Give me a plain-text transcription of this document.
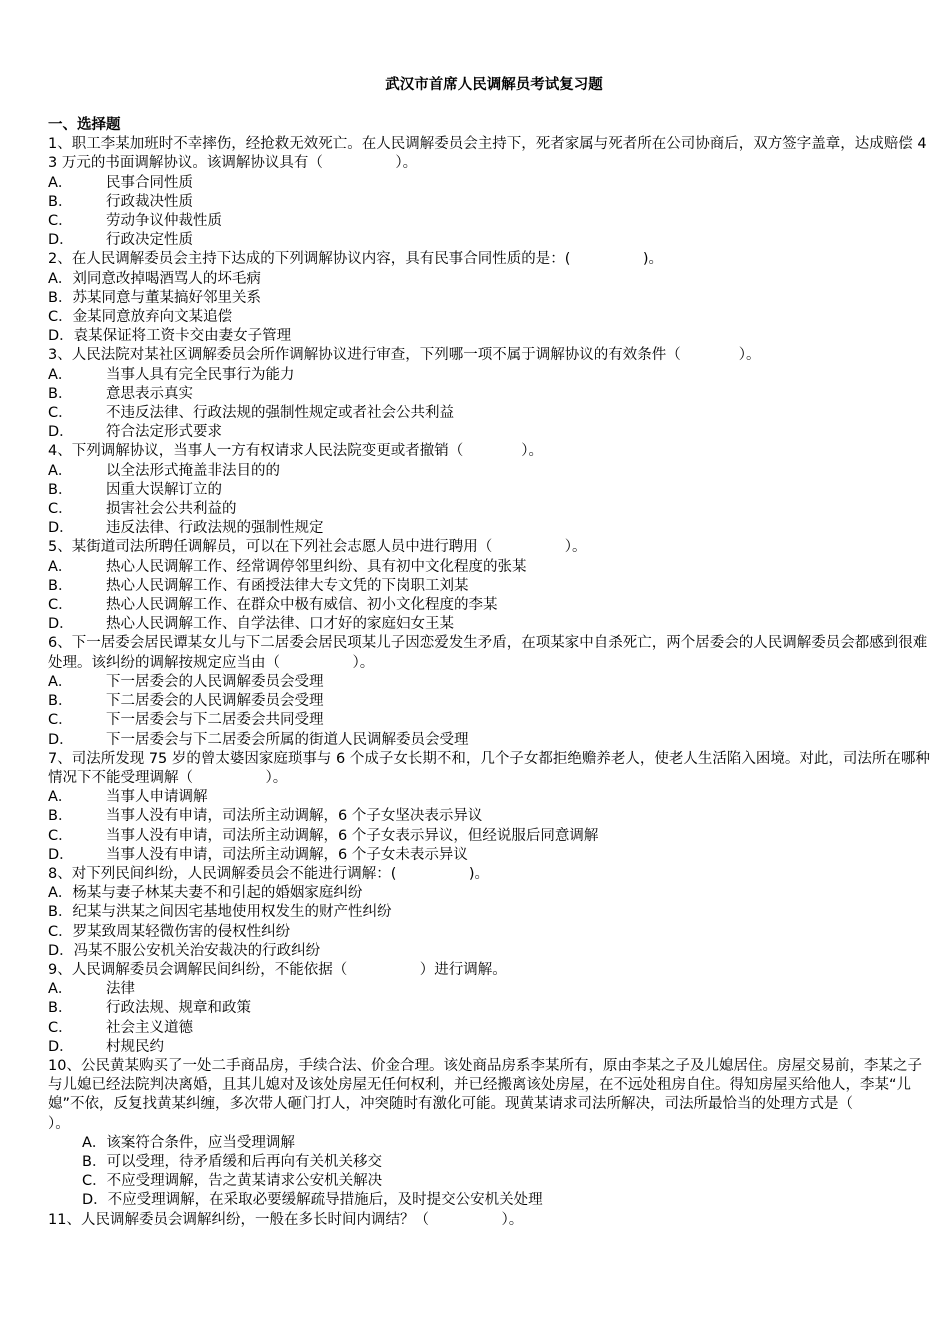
武汉市首席人民调解员考试复习题

一、选择题

1、职工李某加班时不幸摔伤，经抢救无效死亡。在人民调解委员会主持下，死者家属与死者所在公司协商后，双方签字盖章，达成赔偿 43 万元的书面调解协议。该调解协议具有（　　　　　）。

A．	民事合同性质
B．	行政裁决性质
C．	劳动争议仲裁性质
D．	行政决定性质

2、在人民调解委员会主持下达成的下列调解协议内容，具有民事合同性质的是：(　　　　　)。

A． 刘同意改掉喝酒骂人的坏毛病
B． 苏某同意与董某搞好邻里关系
C． 金某同意放弃向文某追偿
D． 袁某保证将工资卡交由妻女子管理

3、人民法院对某社区调解委员会所作调解协议进行审查，下列哪一项不属于调解协议的有效条件（　　　　）。

A．	当事人具有完全民事行为能力
B．	意思表示真实
C．	不违反法律、行政法规的强制性规定或者社会公共利益
D．	符合法定形式要求

4、下列调解协议，当事人一方有权请求人民法院变更或者撤销（　　　　）。

A．	以全法形式掩盖非法目的的
B．	因重大误解订立的
C．	损害社会公共利益的
D．	违反法律、行政法规的强制性规定

5、某街道司法所聘任调解员，可以在下列社会志愿人员中进行聘用（　　　　　）。

A．	热心人民调解工作、经常调停邻里纠纷、具有初中文化程度的张某
B．	热心人民调解工作、有函授法律大专文凭的下岗职工刘某
C．	热心人民调解工作、在群众中极有威信、初小文化程度的李某
D．	热心人民调解工作、自学法律、口才好的家庭妇女王某

6、下一居委会居民谭某女儿与下二居委会居民项某儿子因恋爱发生矛盾，在项某家中自杀死亡，两个居委会的人民调解委员会都感到很难处理。该纠纷的调解按规定应当由（　　　　　）。

A．	下一居委会的人民调解委员会受理
B．	下二居委会的人民调解委员会受理
C．	下一居委会与下二居委会共同受理
D．	下一居委会与下二居委会所属的街道人民调解委员会受理

7、司法所发现 75 岁的曾太婆因家庭琐事与 6 个成子女长期不和，几个子女都拒绝赡养老人，使老人生活陷入困境。对此，司法所在哪种情况下不能受理调解（　　　　　）。

A．	当事人申请调解
B．	当事人没有申请，司法所主动调解，6 个子女坚决表示异议
C．	当事人没有申请，司法所主动调解，6 个子女表示异议，但经说服后同意调解
D．	当事人没有申请，司法所主动调解，6 个子女未表示异议

8、对下列民间纠纷，人民调解委员会不能进行调解：(　　　　　)。

A． 杨某与妻子林某夫妻不和引起的婚姻家庭纠纷
B． 纪某与洪某之间因宅基地使用权发生的财产性纠纷
C． 罗某致周某轻微伤害的侵权性纠纷
D． 冯某不服公安机关治安裁决的行政纠纷

9、人民调解委员会调解民间纠纷，不能依据（　　　　　）进行调解。

A．	法律
B．	行政法规、规章和政策
C．	社会主义道德
D．	村规民约

10、公民黄某购买了一处二手商品房，手续合法、价金合理。该处商品房系李某所有，原由李某之子及儿媳居住。房屋交易前，李某之子与儿媳已经法院判决离婚，且其儿媳对及该处房屋无任何权利，并已经搬离该处房屋，在不远处租房自住。得知房屋买给他人，李某“儿媳”不依，反复找黄某纠缠，多次带人砸门打人，冲突随时有激化可能。现黄某请求司法所解决，司法所最恰当的处理方式是（　　　　　）。

A． 该案符合条件，应当受理调解
B． 可以受理，待矛盾缓和后再向有关机关移交
C． 不应受理调解，告之黄某请求公安机关解决
D． 不应受理调解，在采取必要缓解疏导措施后，及时提交公安机关处理

11、人民调解委员会调解纠纷，一般在多长时间内调结？（　　　　　）。
